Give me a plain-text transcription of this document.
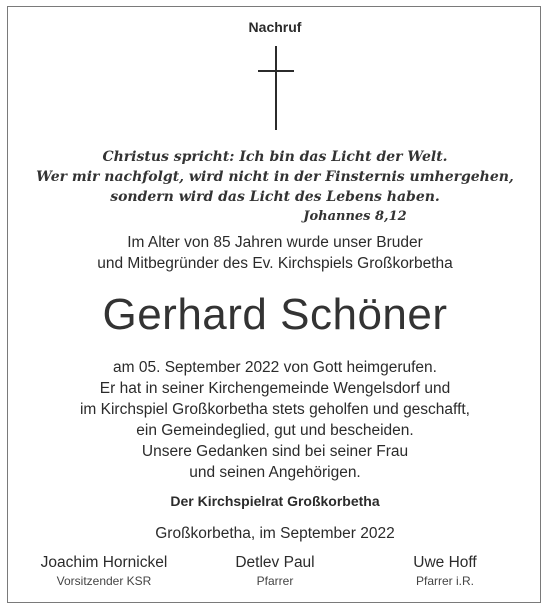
Nachruf
Christus spricht: Ich bin das Licht der Welt.
Wer mir nachfolgt, wird nicht in der Finsternis umhergehen,
sondern wird das Licht des Lebens haben.
Johannes 8,12
Im Alter von 85 Jahren wurde unser Bruder
und Mitbegründer des Ev. Kirchspiels Großkorbetha
Gerhard Schöner
am 05. September 2022 von Gott heimgerufen.
Er hat in seiner Kirchengemeinde Wengelsdorf und
im Kirchspiel Großkorbetha stets geholfen und geschafft,
ein Gemeindeglied, gut und bescheiden.
Unsere Gedanken sind bei seiner Frau
und seinen Angehörigen.
Der Kirchspielrat Großkorbetha
Großkorbetha, im September 2022
Joachim Hornickel
Vorsitzender KSR
Detlev Paul
Pfarrer
Uwe Hoff
Pfarrer i.R.
